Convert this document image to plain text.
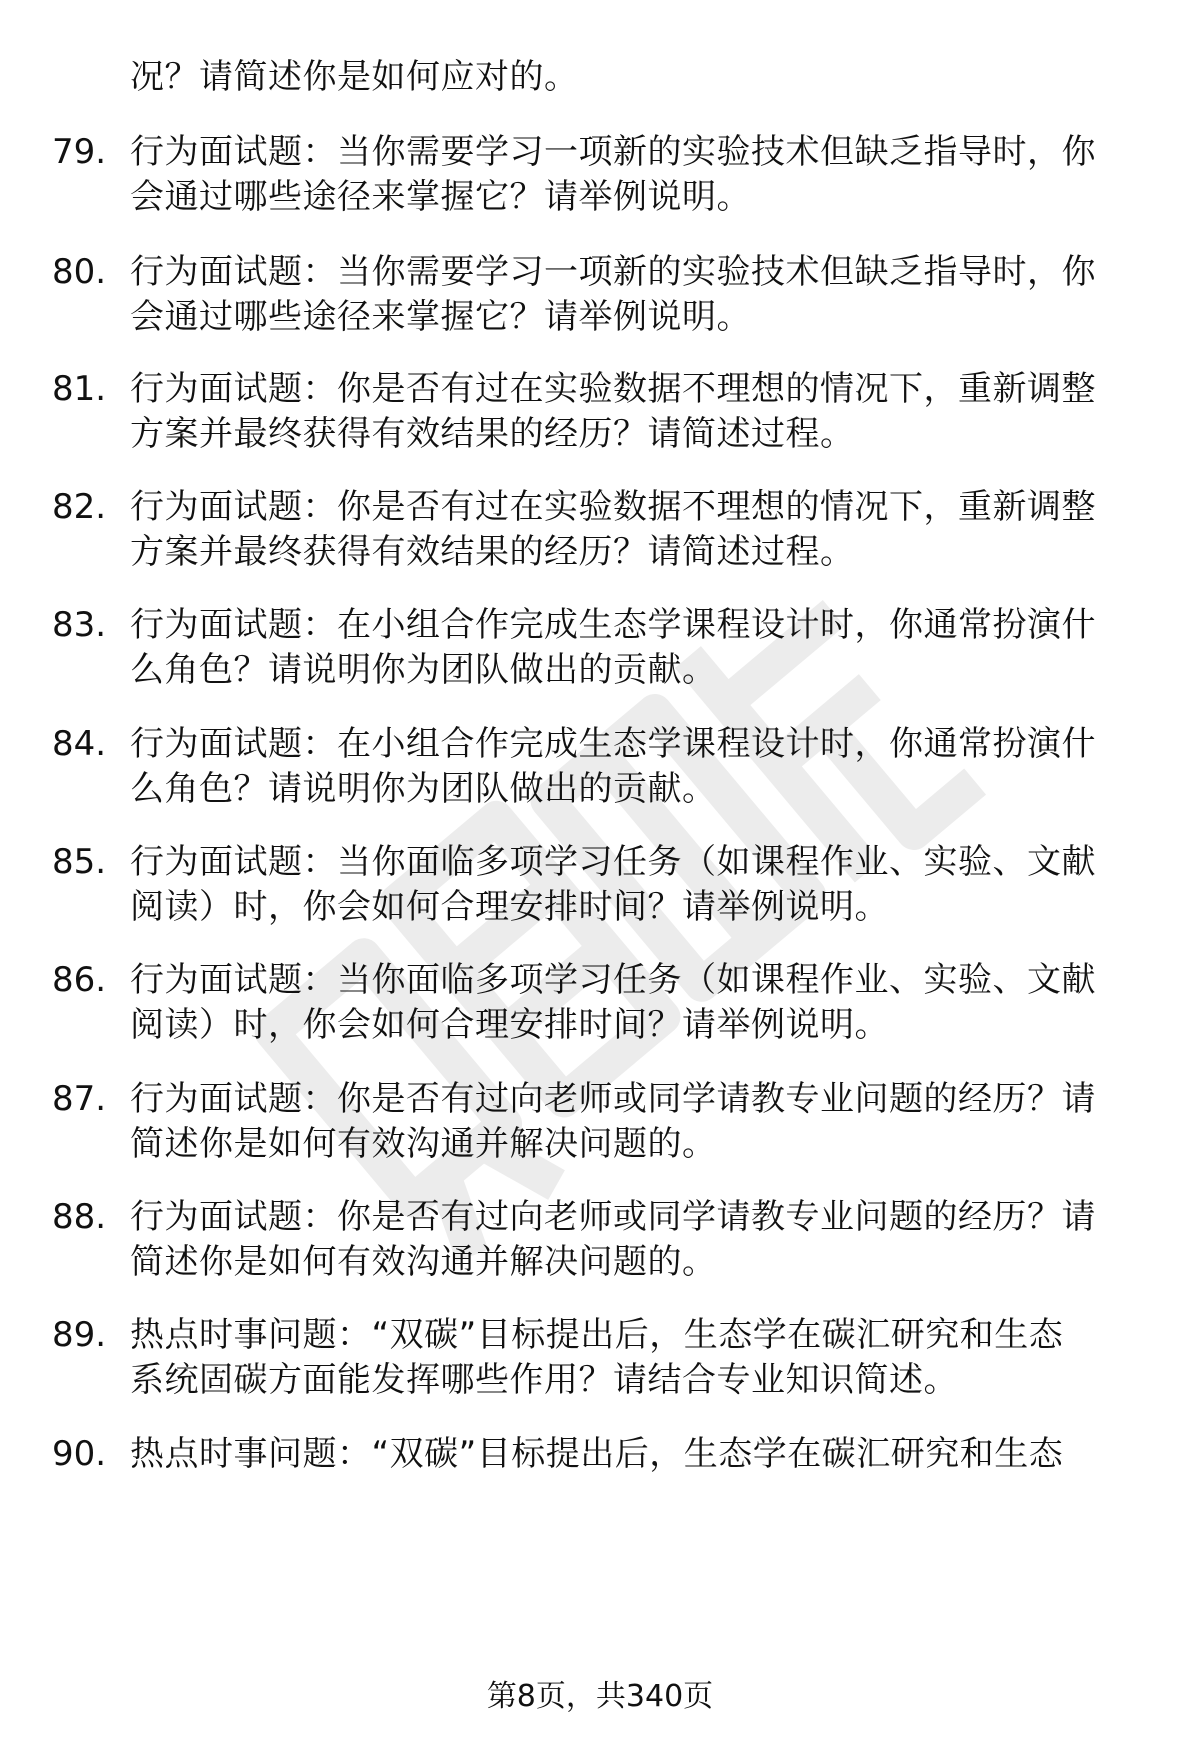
况？请简述你是如何应对的。
79. 行为面试题：当你需要学习一项新的实验技术但缺乏指导时，你
会通过哪些途径来掌握它？请举例说明。
80. 行为面试题：当你需要学习一项新的实验技术但缺乏指导时，你
会通过哪些途径来掌握它？请举例说明。
81. 行为面试题：你是否有过在实验数据不理想的情况下，重新调整
方案并最终获得有效结果的经历？请简述过程。
82. 行为面试题：你是否有过在实验数据不理想的情况下，重新调整
方案并最终获得有效结果的经历？请简述过程。
83. 行为面试题：在小组合作完成生态学课程设计时，你通常扮演什
么角色？请说明你为团队做出的贡献。
84. 行为面试题：在小组合作完成生态学课程设计时，你通常扮演什
么角色？请说明你为团队做出的贡献。
85. 行为面试题：当你面临多项学习任务（如课程作业、实验、文献
阅读）时，你会如何合理安排时间？请举例说明。
86. 行为面试题：当你面临多项学习任务（如课程作业、实验、文献
阅读）时，你会如何合理安排时间？请举例说明。
87. 行为面试题：你是否有过向老师或同学请教专业问题的经历？请
简述你是如何有效沟通并解决问题的。
88. 行为面试题：你是否有过向老师或同学请教专业问题的经历？请
简述你是如何有效沟通并解决问题的。
89. 热点时事问题：“双碳”目标提出后，生态学在碳汇研究和生态
系统固碳方面能发挥哪些作用？请结合专业知识简述。
90. 热点时事问题：“双碳”目标提出后，生态学在碳汇研究和生态
第8页，共340页
